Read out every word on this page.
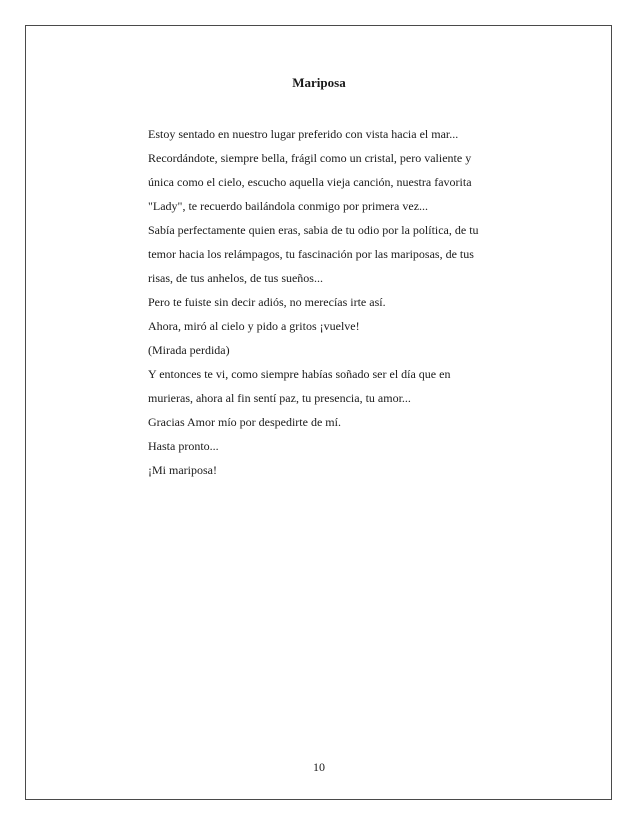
Mariposa

Estoy sentado en nuestro lugar preferido con vista hacia el mar...

Recordándote, siempre bella, frágil como un cristal, pero valiente y única como el cielo, escucho aquella vieja canción, nuestra favorita "Lady", te recuerdo bailándola conmigo por primera vez...

Sabía perfectamente quien eras, sabia de tu odio por la política, de tu temor hacia los relámpagos, tu fascinación por las mariposas, de tus risas, de tus anhelos, de tus sueños...

Pero te fuiste sin decir adiós, no merecías irte así.

Ahora, miró al cielo y pido a gritos ¡vuelve!

(Mirada perdida)

Y entonces te vi, como siempre habías soñado ser el día que en murieras, ahora al fin sentí paz, tu presencia, tu amor...

Gracias Amor mío por despedirte de mí.

Hasta pronto...

¡Mi mariposa!

10
